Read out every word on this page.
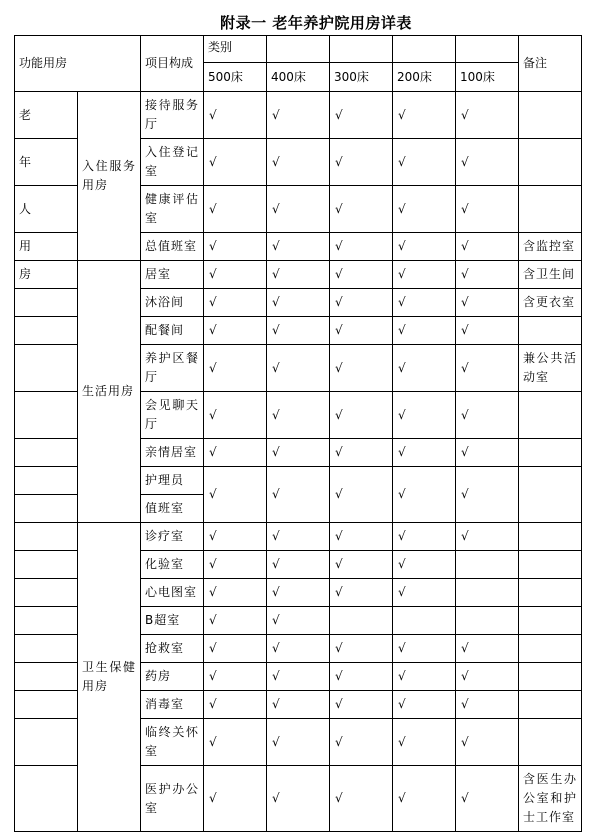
附录一 老年养护院用房详表
功能用房		项目构成	类别					备注
			500床	400床	300床	200床	100床	
老	入住服务用房	接待服务厅	√	√	√	√	√	
年		入住登记室	√	√	√	√	√	
人		健康评估室	√	√	√	√	√	
用		总值班室	√	√	√	√	√	含监控室
房	生活用房	居室	√	√	√	√	√	含卫生间
		沐浴间	√	√	√	√	√	含更衣室
		配餐间	√	√	√	√	√	
		养护区餐厅	√	√	√	√	√	兼公共活动室
		会见聊天厅	√	√	√	√	√	
		亲情居室	√	√	√	√	√	
		护理员	√	√	√	√	√	
		值班室						
	卫生保健用房	诊疗室	√	√	√	√	√	
		化验室	√	√	√	√		
		心电图室	√	√	√	√		
		B超室	√	√				
		抢救室	√	√	√	√	√	
		药房	√	√	√	√	√	
		消毒室	√	√	√	√	√	
		临终关怀室	√	√	√	√	√	
		医护办公室	√	√	√	√	√	含医生办公室和护士工作室
